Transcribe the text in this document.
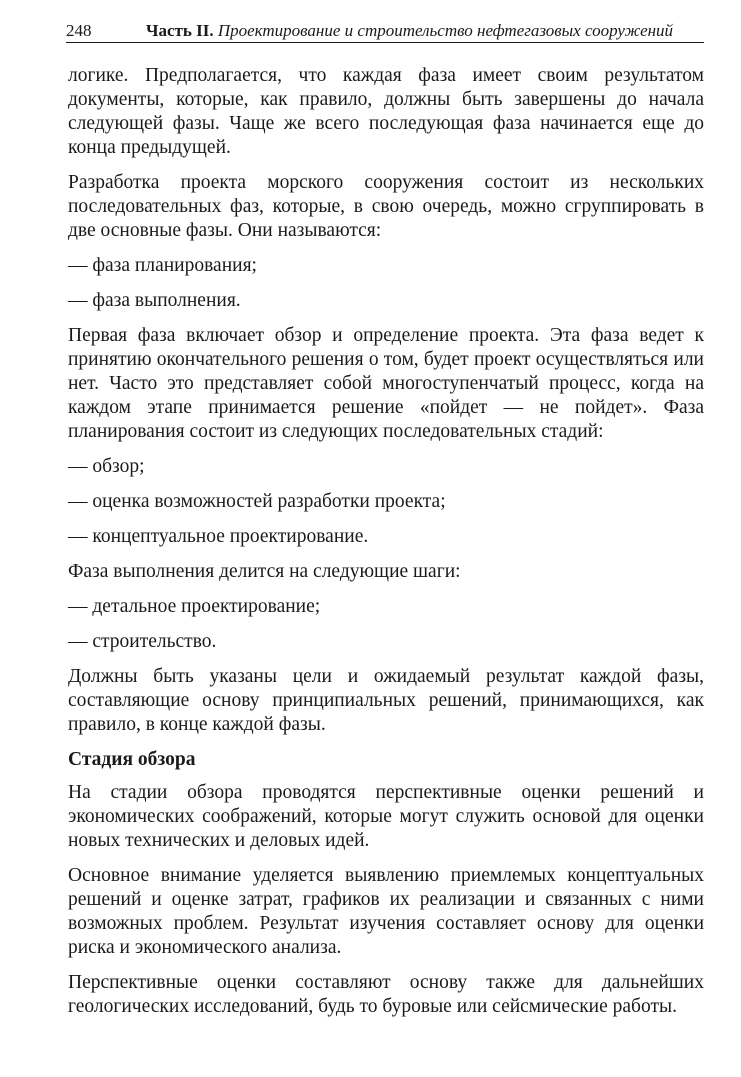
248	Часть II. Проектирование и строительство нефтегазовых сооружений

логике. Предполагается, что каждая фаза имеет своим результатом документы, которые, как правило, должны быть завершены до начала следующей фазы. Чаще же всего последующая фаза начинается еще до конца предыдущей.

Разработка проекта морского сооружения состоит из нескольких последовательных фаз, которые, в свою очередь, можно сгруппировать в две основные фазы. Они называются:

— фаза планирования;
— фаза выполнения.

Первая фаза включает обзор и определение проекта. Эта фаза ведет к принятию окончательного решения о том, будет проект осуществляться или нет. Часто это представляет собой многоступенчатый процесс, когда на каждом этапе принимается решение «пойдет — не пойдет». Фаза планирования состоит из следующих последовательных стадий:

— обзор;
— оценка возможностей разработки проекта;
— концептуальное проектирование.

Фаза выполнения делится на следующие шаги:

— детальное проектирование;
— строительство.

Должны быть указаны цели и ожидаемый результат каждой фазы, составляющие основу принципиальных решений, принимающихся, как правило, в конце каждой фазы.

Стадия обзора

На стадии обзора проводятся перспективные оценки решений и экономических соображений, которые могут служить основой для оценки новых технических и деловых идей.

Основное внимание уделяется выявлению приемлемых концептуальных решений и оценке затрат, графиков их реализации и связанных с ними возможных проблем. Результат изучения составляет основу для оценки риска и экономического анализа.

Перспективные оценки составляют основу также для дальнейших геологических исследований, будь то буровые или сейсмические работы.
